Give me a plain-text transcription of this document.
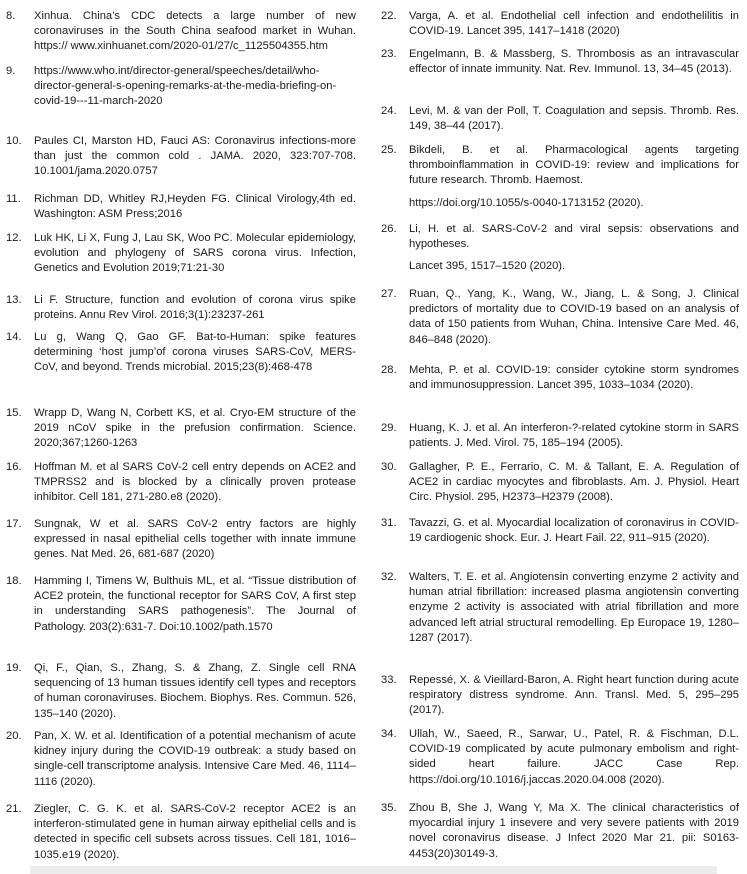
8.	Xinhua. China’s CDC detects a large number of new coronaviruses in the South China seafood market in Wuhan. https:// www.xinhuanet.com/2020-01/27/c_1125504355.htm

9.	https://www.who.int/director-general/speeches/detail/who-director-general-s-opening-remarks-at-the-media-briefing-on-covid-19---11-march-2020

10.	Paules CI, Marston HD, Fauci AS: Coronavirus infections-more than just the common cold . JAMA. 2020, 323:707-708. 10.1001/jama.2020.0757

11.	Richman DD, Whitley RJ,Heyden FG. Clinical Virology,4th ed. Washington: ASM Press;2016

12.	Luk HK, Li X, Fung J, Lau SK, Woo PC. Molecular epidemiology, evolution and phylogeny of SARS corona virus. Infection, Genetics and Evolution 2019;71:21-30

13.	Li F. Structure, function and evolution of corona virus spike proteins. Annu Rev Virol. 2016;3(1):23237-261

14.	Lu g, Wang Q, Gao GF. Bat-to-Human: spike features determining ‘host jump’of corona viruses SARS-CoV, MERS-CoV, and beyond. Trends microbial. 2015;23(8):468-478

15.	Wrapp D, Wang N, Corbett KS, et al. Cryo-EM structure of the 2019 nCoV spike in the prefusion confirmation. Science. 2020;367;1260-1263

16.	Hoffman M. et al SARS CoV-2 cell entry depends on ACE2 and TMPRSS2 and is blocked by a clinically proven protease inhibitor. Cell 181, 271-280.e8 (2020).

17.	Sungnak, W et al. SARS CoV-2 entry factors are highly expressed in nasal epithelial cells together with innate immune genes. Nat Med. 26, 681-687 (2020)

18.	Hamming I, Timens W, Bulthuis ML, et al. “Tissue distribution of ACE2 protein, the functional receptor for SARS CoV, A first step in understanding SARS pathogenesis”. The Journal of Pathology. 203(2):631-7. Doi:10.1002/path.1570

19.	Qi, F., Qian, S., Zhang, S. & Zhang, Z. Single cell RNA sequencing of 13 human tissues identify cell types and receptors of human coronaviruses. Biochem. Biophys. Res. Commun. 526, 135–140 (2020).

20.	Pan, X. W. et al. Identification of a potential mechanism of acute kidney injury during the COVID-19 outbreak: a study based on single-cell transcriptome analysis. Intensive Care Med. 46, 1114–1116 (2020).

21.	Ziegler, C. G. K. et al. SARS-CoV-2 receptor ACE2 is an interferon-stimulated gene in human airway epithelial cells and is detected in specific cell subsets across tissues. Cell 181, 1016–1035.e19 (2020).

22.	Varga, A. et al. Endothelial cell infection and endothelilitis in COVID-19. Lancet 395, 1417–1418 (2020)

23.	Engelmann, B. & Massberg, S. Thrombosis as an intravascular effector of innate immunity. Nat. Rev. Immunol. 13, 34–45 (2013).

24.	Levi, M. & van der Poll, T. Coagulation and sepsis. Thromb. Res. 149, 38–44 (2017).

25.	Bikdeli, B. et al. Pharmacological agents targeting thromboinflammation in COVID-19: review and implications for future research. Thromb. Haemost.

https://doi.org/10.1055/s-0040-1713152 (2020).

26.	Li, H. et al. SARS-CoV-2 and viral sepsis: observations and hypotheses.

Lancet 395, 1517–1520 (2020).

27.	Ruan, Q., Yang, K., Wang, W., Jiang, L. & Song, J. Clinical predictors of mortality due to COVID-19 based on an analysis of data of 150 patients from Wuhan, China. Intensive Care Med. 46, 846–848 (2020).

28.	Mehta, P. et al. COVID-19: consider cytokine storm syndromes and immunosuppression. Lancet 395, 1033–1034 (2020).

29.	Huang, K. J. et al. An interferon-?-related cytokine storm in SARS patients. J. Med. Virol. 75, 185–194 (2005).

30.	Gallagher, P. E., Ferrario, C. M. & Tallant, E. A. Regulation of ACE2 in cardiac myocytes and fibroblasts. Am. J. Physiol. Heart Circ. Physiol. 295, H2373–H2379 (2008).

31.	Tavazzi, G. et al. Myocardial localization of coronavirus in COVID-19 cardiogenic shock. Eur. J. Heart Fail. 22, 911–915 (2020).

32.	Walters, T. E. et al. Angiotensin converting enzyme 2 activity and human atrial fibrillation: increased plasma angiotensin converting enzyme 2 activity is associated with atrial fibrillation and more advanced left atrial structural remodelling. Ep Europace 19, 1280–1287 (2017).

33.	Repessé, X. & Vieillard-Baron, A. Right heart function during acute respiratory distress syndrome. Ann. Transl. Med. 5, 295–295 (2017).

34.	Ullah, W., Saeed, R., Sarwar, U., Patel, R. & Fischman, D.L. COVID-19 complicated by acute pulmonary embolism and right-sided heart failure. JACC Case Rep. https://doi.org/10.1016/j.jaccas.2020.04.008 (2020).

35.	Zhou B, She J, Wang Y, Ma X. The clinical characteristics of myocardial injury 1 insevere and very severe patients with 2019 novel coronavirus disease. J Infect 2020 Mar 21. pii: S0163-4453(20)30149-3.
